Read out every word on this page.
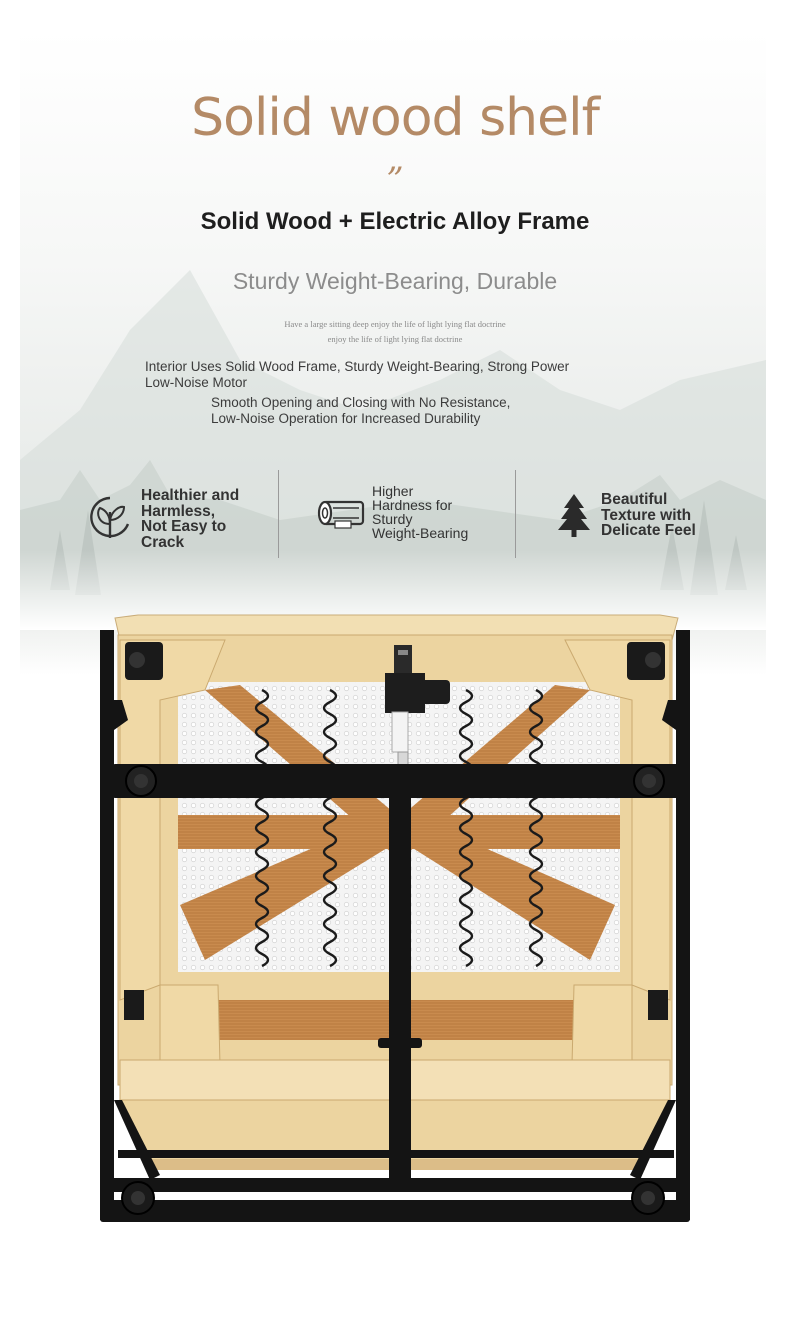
Solid wood shelf
”
Solid Wood + Electric Alloy Frame
Sturdy Weight-Bearing, Durable
Have a large sitting deep enjoy the life of light lying flat doctrine
enjoy the life of light lying flat doctrine
Interior Uses Solid Wood Frame, Sturdy Weight-Bearing, Strong Power
Low-Noise Motor
Smooth Opening and Closing with No Resistance,
Low-Noise Operation for Increased Durability
Healthier and
Harmless,
Not Easy to
Crack
Higher
Hardness for
Sturdy
Weight-Bearing
Beautiful
Texture with
Delicate Feel
